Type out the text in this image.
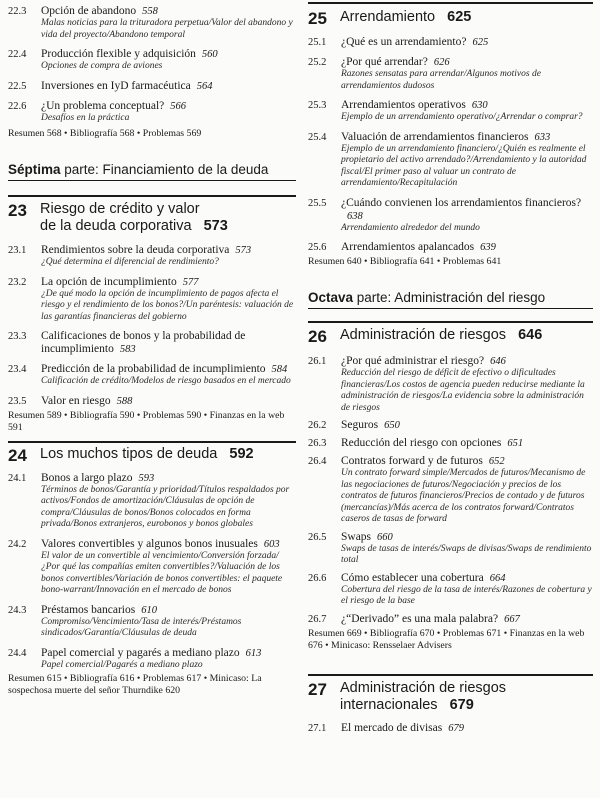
22.3	Opción de abandono 558
Malas noticias para la trituradora perpetua/Valor del abandono y vida del proyecto/Abandono temporal
22.4	Producción flexible y adquisición 560
Opciones de compra de aviones
22.5	Inversiones en IyD farmacéutica 564
22.6	¿Un problema conceptual? 566
Desafíos en la práctica
Resumen 568 • Bibliografía 568 • Problemas 569
Séptima parte: Financiamiento de la deuda
23 Riesgo de crédito y valor
de la deuda corporativa 573
23.1	Rendimientos sobre la deuda corporativa 573
¿Qué determina el diferencial de rendimiento?
23.2	La opción de incumplimiento 577
¿De qué modo la opción de incumplimiento de pagos afecta el riesgo y el rendimiento de los bonos?/Un paréntesis: valuación de las garantías financieras del gobierno
23.3	Calificaciones de bonos y la probabilidad de incumplimiento 583
23.4	Predicción de la probabilidad de incumplimiento 584
Calificación de crédito/Modelos de riesgo basados en el mercado
23.5	Valor en riesgo 588
Resumen 589 • Bibliografía 590 • Problemas 590 • Finanzas en la web 591
24 Los muchos tipos de deuda 592
24.1	Bonos a largo plazo 593
Términos de bonos/Garantía y prioridad/Títulos respaldados por activos/Fondos de amortización/Cláusulas de opción de compra/Cláusulas de bonos/Bonos colocados en forma privada/Bonos extranjeros, eurobonos y bonos globales
24.2	Valores convertibles y algunos bonos inusuales 603
El valor de un convertible al vencimiento/Conversión forzada/¿Por qué las compañías emiten convertibles?/Valuación de los bonos convertibles/Variación de bonos convertibles: el paquete bono-warrant/Innovación en el mercado de bonos
24.3	Préstamos bancarios 610
Compromiso/Vencimiento/Tasa de interés/Préstamos sindicados/Garantía/Cláusulas de deuda
24.4	Papel comercial y pagarés a mediano plazo 613
Papel comercial/Pagarés a mediano plazo
Resumen 615 • Bibliografía 616 • Problemas 617 • Minicaso: La sospechosa muerte del señor Thurndike 620
25 Arrendamiento 625
25.1	¿Qué es un arrendamiento? 625
25.2	¿Por qué arrendar? 626
Razones sensatas para arrendar/Algunos motivos de arrendamientos dudosos
25.3	Arrendamientos operativos 630
Ejemplo de un arrendamiento operativo/¿Arrendar o comprar?
25.4	Valuación de arrendamientos financieros 633
Ejemplo de un arrendamiento financiero/¿Quién es realmente el propietario del activo arrendado?/Arrendamiento y la autoridad fiscal/El primer paso al valuar un contrato de arrendamiento/Recapitulación
25.5	¿Cuándo convienen los arrendamientos financieros?638
Arrendamiento alrededor del mundo
25.6	Arrendamientos apalancados 639
Resumen 640 • Bibliografía 641 • Problemas 641
Octava parte: Administración del riesgo
26 Administración de riesgos 646
26.1	¿Por qué administrar el riesgo? 646
Reducción del riesgo de déficit de efectivo o dificultades financieras/Los costos de agencia pueden reducirse mediante la administración de riesgos/La evidencia sobre la administración de riesgos
26.2	Seguros 650
26.3	Reducción del riesgo con opciones 651
26.4	Contratos forward y de futuros 652
Un contrato forward simple/Mercados de futuros/Mecanismo de las negociaciones de futuros/Negociación y precios de los contratos de futuros financieros/Precios de contado y de futuros (mercancías)/Más acerca de los contratos forward/Contratos caseros de tasas de forward
26.5	Swaps 660
Swaps de tasas de interés/Swaps de divisas/Swaps de rendimiento total
26.6	Cómo establecer una cobertura 664
Cobertura del riesgo de la tasa de interés/Razones de cobertura y el riesgo de la base
26.7	¿“Derivado” es una mala palabra? 667
Resumen 669 • Bibliografía 670 • Problemas 671 • Finanzas en la web 676 • Minicaso: Rensselaer Advisers
27 Administración de riesgos
internacionales 679
27.1	El mercado de divisas 679
